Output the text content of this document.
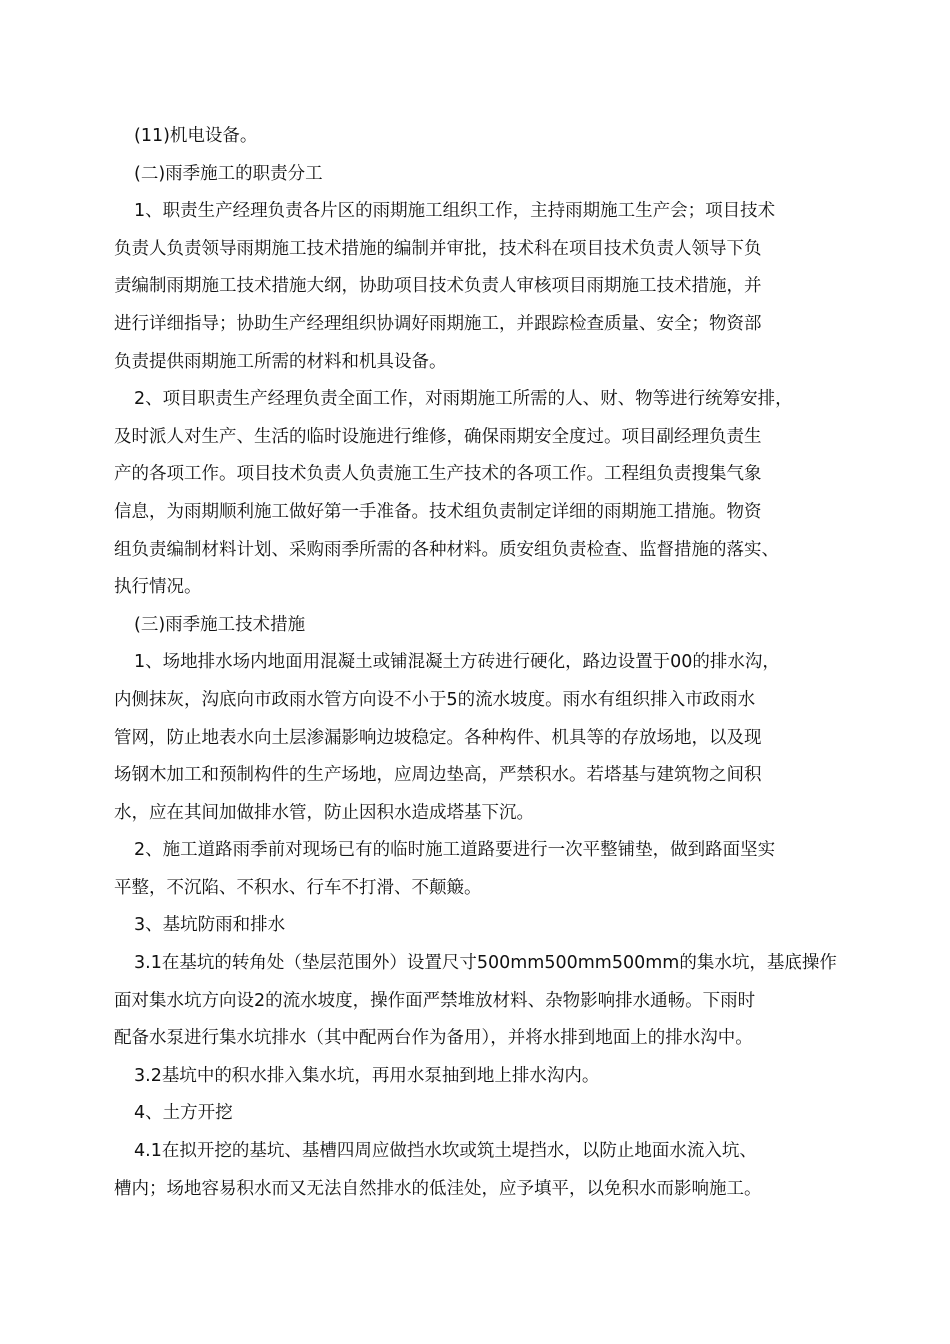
(11)机电设备。
(二)雨季施工的职责分工
1、职责生产经理负责各片区的雨期施工组织工作，主持雨期施工生产会；项目技术
负责人负责领导雨期施工技术措施的编制并审批，技术科在项目技术负责人领导下负
责编制雨期施工技术措施大纲，协助项目技术负责人审核项目雨期施工技术措施，并
进行详细指导；协助生产经理组织协调好雨期施工，并跟踪检查质量、安全；物资部
负责提供雨期施工所需的材料和机具设备。
2、项目职责生产经理负责全面工作，对雨期施工所需的人、财、物等进行统筹安排，
及时派人对生产、生活的临时设施进行维修，确保雨期安全度过。项目副经理负责生
产的各项工作。项目技术负责人负责施工生产技术的各项工作。工程组负责搜集气象
信息，为雨期顺利施工做好第一手准备。技术组负责制定详细的雨期施工措施。物资
组负责编制材料计划、采购雨季所需的各种材料。质安组负责检查、监督措施的落实、
执行情况。
(三)雨季施工技术措施
1、场地排水场内地面用混凝土或铺混凝土方砖进行硬化，路边设置于00的排水沟，
内侧抹灰，沟底向市政雨水管方向设不小于5的流水坡度。雨水有组织排入市政雨水
管网，防止地表水向土层渗漏影响边坡稳定。各种构件、机具等的存放场地，以及现
场钢木加工和预制构件的生产场地，应周边垫高，严禁积水。若塔基与建筑物之间积
水，应在其间加做排水管，防止因积水造成塔基下沉。
2、施工道路雨季前对现场已有的临时施工道路要进行一次平整铺垫，做到路面坚实
平整，不沉陷、不积水、行车不打滑、不颠簸。
3、基坑防雨和排水
3.1在基坑的转角处（垫层范围外）设置尺寸500mm500mm500mm的集水坑，基底操作
面对集水坑方向设2的流水坡度，操作面严禁堆放材料、杂物影响排水通畅。下雨时
配备水泵进行集水坑排水（其中配两台作为备用），并将水排到地面上的排水沟中。
3.2基坑中的积水排入集水坑，再用水泵抽到地上排水沟内。
4、土方开挖
4.1在拟开挖的基坑、基槽四周应做挡水坎或筑土堤挡水，以防止地面水流入坑、
槽内；场地容易积水而又无法自然排水的低洼处，应予填平，以免积水而影响施工。
